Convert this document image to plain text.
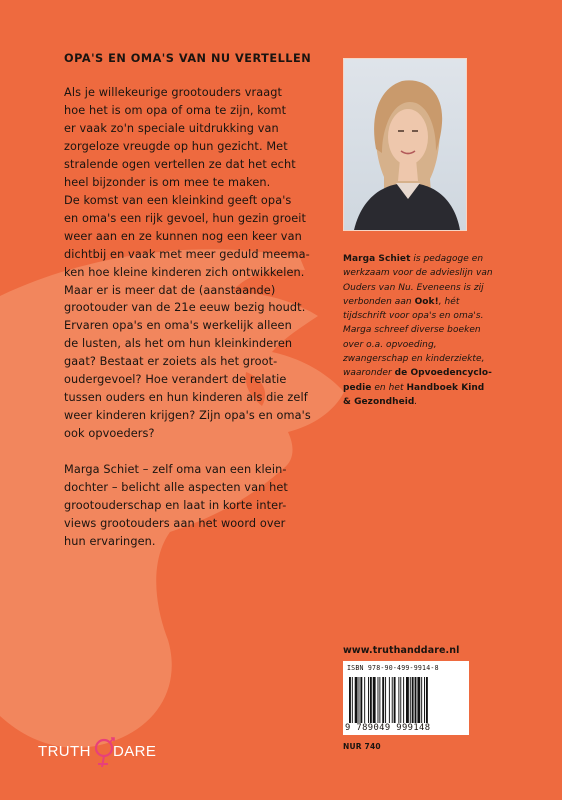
OPA'S EN OMA'S VAN NU VERTELLEN

Als je willekeurige grootouders vraagt
hoe het is om opa of oma te zijn, komt
er vaak zo'n speciale uitdrukking van
zorgeloze vreugde op hun gezicht. Met
stralende ogen vertellen ze dat het echt
heel bijzonder is om mee te maken.

De komst van een kleinkind geeft opa's
en oma's een rijk gevoel, hun gezin groeit
weer aan en ze kunnen nog een keer van
dichtbij en vaak met meer geduld meema-
ken hoe kleine kinderen zich ontwikkelen.
Maar er is meer dat de (aanstaande)
grootouder van de 21e eeuw bezig houdt.
Ervaren opa's en oma's werkelijk alleen
de lusten, als het om hun kleinkinderen
gaat? Bestaat er zoiets als het groot-
oudergevoel? Hoe verandert de relatie
tussen ouders en hun kinderen als die zelf
weer kinderen krijgen? Zijn opa's en oma's
ook opvoeders?

Marga Schiet – zelf oma van een klein-
dochter – belicht alle aspecten van het
grootouderschap en laat in korte inter-
views grootouders aan het woord over
hun ervaringen.

Marga Schiet is pedagoge en werkzaam voor de advieslijn van Ouders van Nu. Eveneens is zij verbonden aan Ook!, hét tijdschrift voor opa's en oma's. Marga schreef diverse boeken over o.a. opvoeding, zwangerschap en kinderziekte, waaronder de Opvoedencyclo-pedie en het Handboek Kind & Gezondheid.

www.truthanddare.nl

ISBN 978-90-499-9914-8

9 789049 999148

NUR 740

TRUTH DARE
